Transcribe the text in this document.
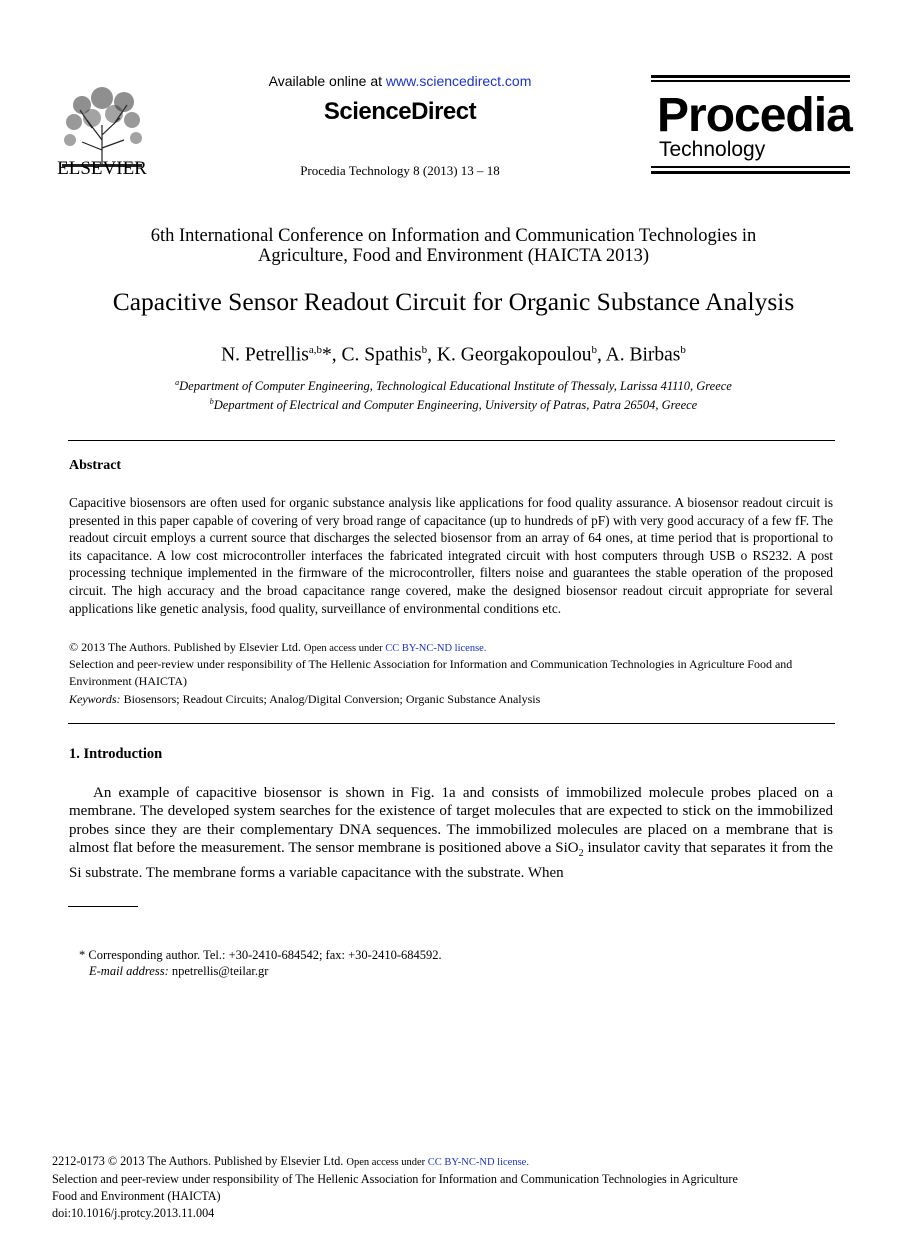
ELSEVIER
Available online at www.sciencedirect.com
ScienceDirect
Procedia Technology 8 (2013) 13 – 18
Procedia
Technology
6th International Conference on Information and Communication Technologies in
Agriculture, Food and Environment (HAICTA 2013)
Capacitive Sensor Readout Circuit for Organic Substance Analysis
N. Petrellis$^{a,b}$*, C. Spathis$^b$, K. Georgakopoulou$^b$, A. Birbas$^b$
$^a$Department of Computer Engineering, Technological Educational Institute of Thessaly, Larissa 41110, Greece
$^b$Department of Electrical and Computer Engineering, University of Patras, Patra 26504, Greece
Abstract
Capacitive biosensors are often used for organic substance analysis like applications for food quality assurance. A biosensor readout circuit is presented in this paper capable of covering of very broad range of capacitance (up to hundreds of pF) with very good accuracy of a few fF. The readout circuit employs a current source that discharges the selected biosensor from an array of 64 ones, at time period that is proportional to its capacitance. A low cost microcontroller interfaces the fabricated integrated circuit with host computers through USB o RS232. A post processing technique implemented in the firmware of the microcontroller, filters noise and guarantees the stable operation of the proposed circuit. The high accuracy and the broad capacitance range covered, make the designed biosensor readout circuit appropriate for several applications like genetic analysis, food quality, surveillance of environmental conditions etc.
© 2013 The Authors. Published by Elsevier Ltd. Open access under CC BY-NC-ND license.
Selection and peer-review under responsibility of The Hellenic Association for Information and Communication Technologies in Agriculture Food and Environment (HAICTA)
Keywords: Biosensors; Readout Circuits; Analog/Digital Conversion; Organic Substance Analysis
1. Introduction
An example of capacitive biosensor is shown in Fig. 1a and consists of immobilized molecule probes placed on a membrane. The developed system searches for the existence of target molecules that are expected to stick on the immobilized probes since they are their complementary DNA sequences. The immobilized molecules are placed on a membrane that is almost flat before the measurement. The sensor membrane is positioned above a SiO$_2$ insulator cavity that separates it from the Si substrate. The membrane forms a variable capacitance with the substrate. When
* Corresponding author. Tel.: +30-2410-684542; fax: +30-2410-684592.
E-mail address: npetrellis@teilar.gr
2212-0173 © 2013 The Authors. Published by Elsevier Ltd. Open access under CC BY-NC-ND license.
Selection and peer-review under responsibility of The Hellenic Association for Information and Communication Technologies in Agriculture
Food and Environment (HAICTA)
doi:10.1016/j.protcy.2013.11.004
